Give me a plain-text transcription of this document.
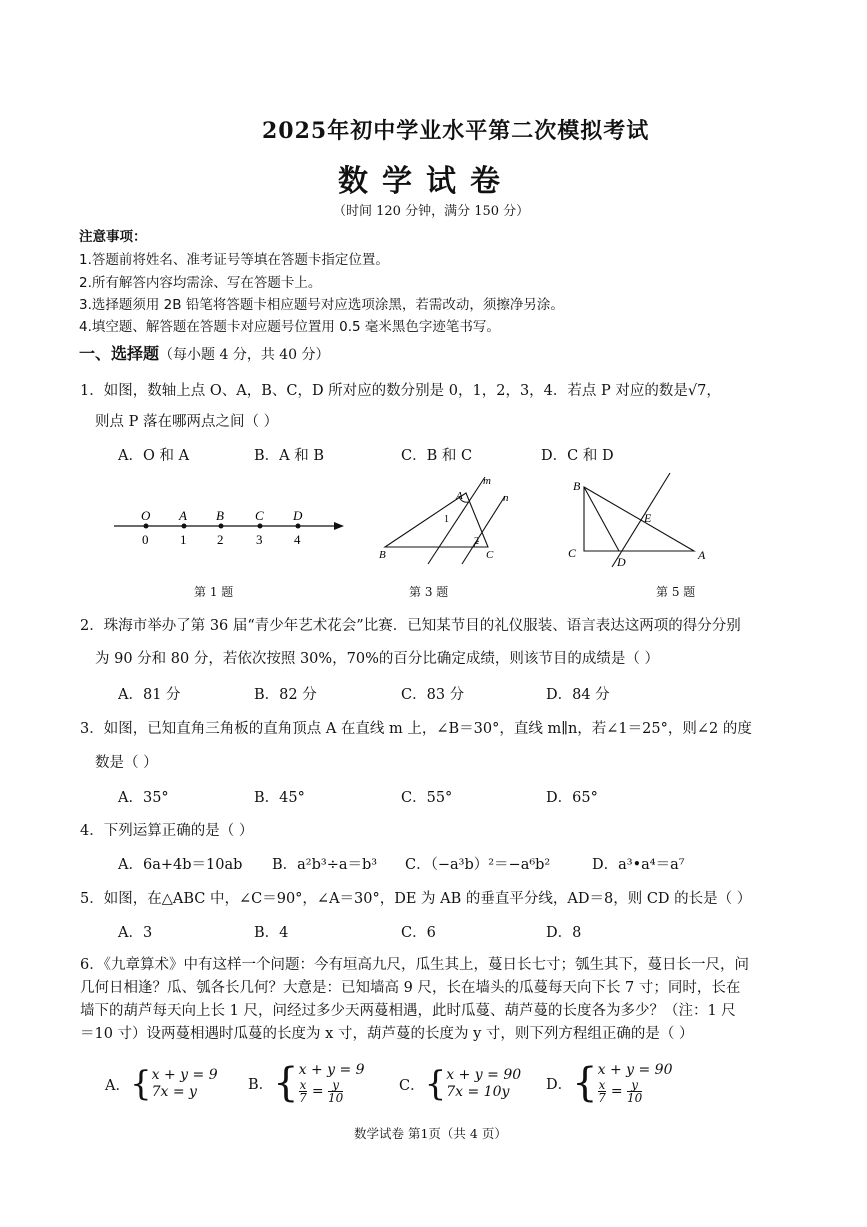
2025年初中学业水平第二次模拟考试
数学试卷
（时间 120 分钟，满分 150 分）
注意事项：
1.答题前将姓名、准考证号等填在答题卡指定位置。
2.所有解答内容均需涂、写在答题卡上。
3.选择题须用 2B 铅笔将答题卡相应题号对应选项涂黑，若需改动，须擦净另涂。
4.填空题、解答题在答题卡对应题号位置用 0.5 毫米黑色字迹笔书写。
一、选择题（每小题 4 分，共 40 分）
1．如图，数轴上点 O、A，B、C，D 所对应的数分别是 0，1，2，3，4．若点 P 对应的数是√7，
则点 P 落在哪两点之间（ ）
A．O 和 A	B．A 和 B	C．B 和 C	D．C 和 D
O A B C D
0 1 2	3 4
第 1 题
A
B	C
m
n
1
2
第 3 题
B
C	A
D
E
第 5 题
2．珠海市举办了第 36 届“青少年艺术花会”比赛．已知某节目的礼仪服装、语言表达这两项的得分分别
为 90 分和 80 分，若依次按照 30%，70%的百分比确定成绩，则该节目的成绩是（ ）
A．81 分	B．82 分	C．83 分	D．84 分
3．如图，已知直角三角板的直角顶点 A 在直线 m 上，∠B＝30°，直线 m∥n，若∠1＝25°，则∠2 的度
数是（ ）
A．35°	B．45°	C．55°	D．65°
4．下列运算正确的是（ ）
A．6a+4b＝10ab B．a²b³÷a＝b³ C．（−a³b）²＝−a⁶b²	D．a³•a⁴＝a⁷
5．如图，在△ABC 中，∠C＝90°，∠A＝30°，DE 为 AB 的垂直平分线，AD＝8，则 CD 的长是（ ）
A．3	B．4	C．6	D．8
6．《九章算术》中有这样一个问题：今有垣高九尺，瓜生其上，蔓日长七寸；瓠生其下，蔓日长一尺，问
几何日相逢？瓜、瓠各长几何？大意是：已知墙高 9 尺，长在墙头的瓜蔓每天向下长 7 寸；同时，长在
墙下的葫芦每天向上长 1 尺，问经过多少天两蔓相遇，此时瓜蔓、葫芦蔓的长度各为多少？（注：1 尺
＝10 寸）设两蔓相遇时瓜蔓的长度为 x 寸，葫芦蔓的长度为 y 寸，则下列方程组正确的是（ ）
A． { x + y = 9
7x = y	B． { x + y = 9
$\frac{x}{7} = \frac{y}{10}$	C． { x + y = 90
7x = 10y	D． { x + y = 90
$\frac{x}{7} = \frac{y}{10}$
数学试卷 第1页（共 4 页）
